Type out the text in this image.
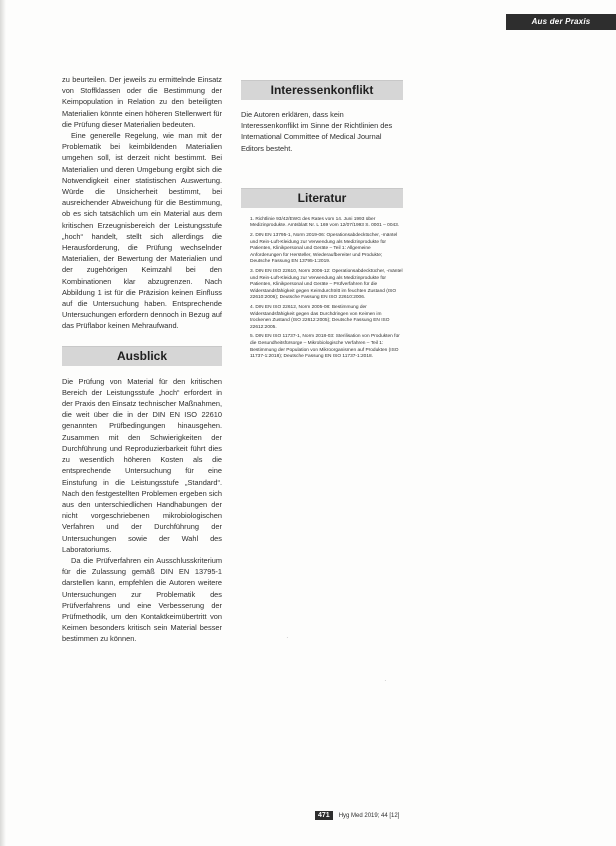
Aus der Praxis

zu beurteilen. Der jeweils zu ermittelnde Einsatz von Stoffklassen oder die Bestimmung der Keimpopulation in Relation zu den beteiligten Materialien könnte einen höheren Stellenwert für die Prüfung dieser Materialien bedeuten.

Eine generelle Regelung, wie man mit der Problematik bei keimbildenden Materialien umgehen soll, ist derzeit nicht bestimmt. Bei Materialien und deren Umgebung ergibt sich die Notwendigkeit einer statistischen Auswertung. Würde die Unsicherheit bestimmt, bei ausreichender Abweichung für die Bestimmung, ob es sich tatsächlich um ein Material aus dem kritischen Erzeugnisbereich der Leistungsstufe „hoch“ handelt, stellt sich allerdings die Herausforderung, die Prüfung wechselnder Materialien, der Bewertung der Materialien und der zugehörigen Keimzahl bei den Kombinationen klar abzugrenzen. Nach Abbildung 1 ist für die Präzision keinen Einfluss auf die Untersuchung haben. Entsprechende Untersuchungen erfordern dennoch in Bezug auf das Prüflabor keinen Mehraufwand.

Ausblick

Die Prüfung von Material für den kritischen Bereich der Leistungsstufe „hoch“ erfordert in der Praxis den Einsatz technischer Maßnahmen, die weit über die in der DIN EN ISO 22610 genannten Prüfbedingungen hinausgehen. Zusammen mit den Schwierigkeiten der Durchführung und Reproduzierbarkeit führt dies zu wesentlich höheren Kosten als die entsprechende Untersuchung für eine Einstufung in die Leistungsstufe „Standard“. Nach den festgestellten Problemen ergeben sich aus den unterschiedlichen Handhabungen der nicht vorgeschriebenen mikrobiologischen Verfahren und der Durchführung der Untersuchungen sowie der Wahl des Laboratoriums.

Da die Prüfverfahren ein Ausschlusskriterium für die Zulassung gemäß DIN EN 13795-1 darstellen kann, empfehlen die Autoren weitere Untersuchungen zur Problematik des Prüfverfahrens und eine Verbesserung der Prüfmethodik, um den Kontaktkeimübertritt von Keimen besonders kritisch sein Material besser bestimmen zu können.

Interessenkonflikt

Die Autoren erklären, dass kein Interessenkonflikt im Sinne der Richtlinien des International Committee of Medical Journal Editors besteht.

Literatur
1. Richtlinie 93/42/EWG des Rates vom 14. Juni 1993 über Medizinprodukte. Amtsblatt Nr. L 169 vom 12/07/1993 S. 0001 – 0043.
2. DIN EN 13795-1, Norm 2019-06: Operationsabdecktücher, -mäntel und Rein-Luft-Kleidung zur Verwendung als Medizinprodukte für Patienten, Klinikpersonal und Geräte – Teil 1: Allgemeine Anforderungen für Hersteller, Wiederaufbereiter und Produkte; Deutsche Fassung EN 13795-1:2019.
3. DIN EN ISO 22610, Norm 2006-12: Operationsabdecktücher, -mäntel und Rein-Luft-Kleidung zur Verwendung als Medizinprodukte für Patienten, Klinikpersonal und Geräte – Prüfverfahren für die Widerstandsfähigkeit gegen Keimdurchtritt im feuchten Zustand (ISO 22610:2006); Deutsche Fassung EN ISO 22610:2006.
4. DIN EN ISO 22612, Norm 2005-08: Bestimmung der Widerstandsfähigkeit gegen das Durchdringen von Keimen im trockenen Zustand (ISO 22612:2005); Deutsche Fassung EN ISO 22612:2005.
5. DIN EN ISO 11737-1, Norm 2018-03: Sterilisation von Produkten für die Gesundheitsfürsorge – Mikrobiologische Verfahren – Teil 1: Bestimmung der Population von Mikroorganismen auf Produkten (ISO 11737-1:2018); Deutsche Fassung EN ISO 11737-1:2018.
·
·
471	Hyg Med 2019; 44 [12]
